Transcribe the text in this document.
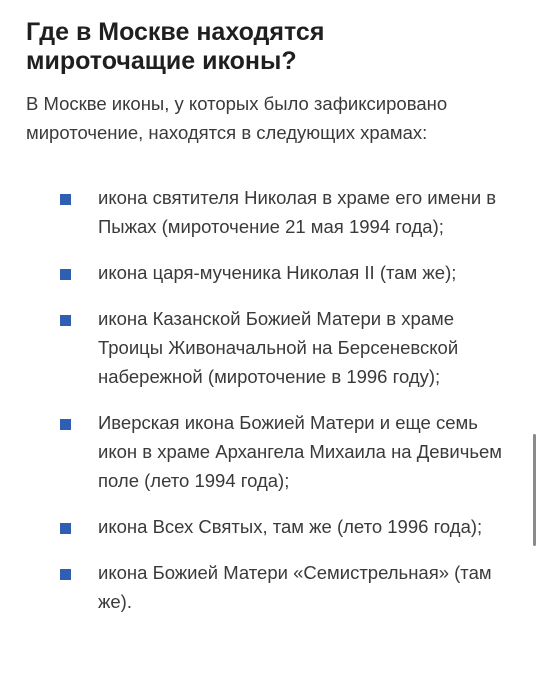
Где в Москве находятся мироточащие иконы?

В Москве иконы, у которых было зафиксировано мироточение, находятся в следующих храмах:

икона святителя Николая в храме его имени в Пыжах (мироточение 21 мая 1994 года);
икона царя-мученика Николая II (там же);
икона Казанской Божией Матери в храме Троицы Живоначальной на Берсеневской набережной (мироточение в 1996 году);
Иверская икона Божией Матери и еще семь икон в храме Архангела Михаила на Девичьем поле (лето 1994 года);
икона Всех Святых, там же (лето 1996 года);
икона Божией Матери «Семистрельная» (там же).
